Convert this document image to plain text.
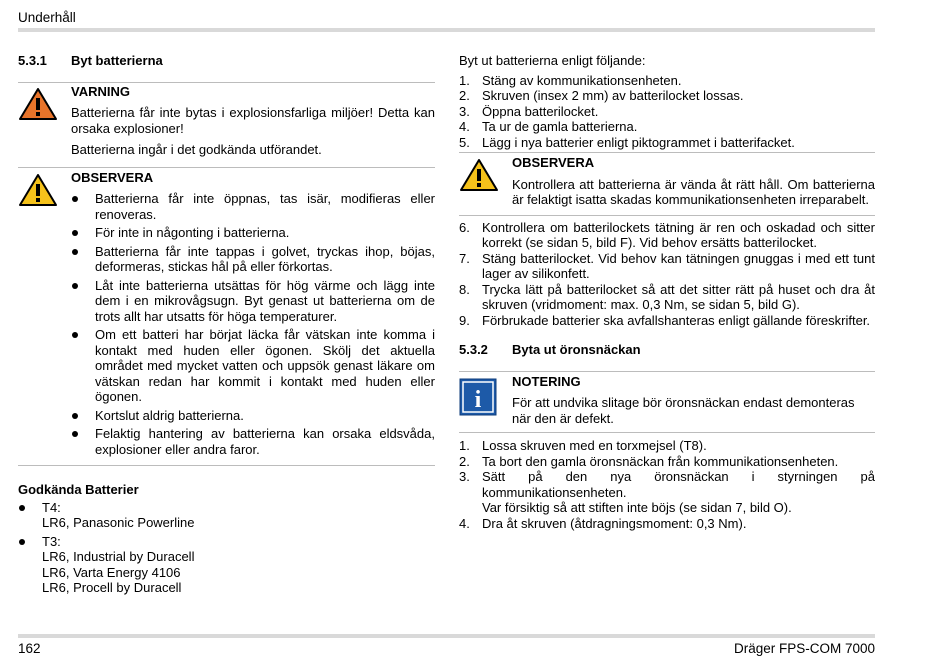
Underhåll
5.3.1 Byt batterierna
VARNING

Batterierna får inte bytas i explosionsfarliga miljöer! Detta kan orsaka explosioner!

Batterierna ingår i det godkända utförandet.

OBSERVERA
Batterierna får inte öppnas, tas isär, modifieras eller renoveras.
För inte in någonting i batterierna.
Batterierna får inte tappas i golvet, tryckas ihop, böjas, deformeras, stickas hål på eller förkortas.
Låt inte batterierna utsättas för hög värme och lägg inte dem i en mikrovågsugn. Byt genast ut batterierna om de trots allt har utsatts för höga temperaturer.
Om ett batteri har börjat läcka får vätskan inte komma i kontakt med huden eller ögonen. Skölj det aktuella området med mycket vatten och uppsök genast läkare om vätskan redan har kommit i kontakt med huden eller ögonen.
Kortslut aldrig batterierna.
Felaktig hantering av batterierna kan orsaka eldsvåda, explosioner eller andra faror.
Godkända Batterier
T4:
LR6, Panasonic Powerline
T3:
LR6, Industrial by Duracell
LR6, Varta Energy 4106
LR6, Procell by Duracell
Byt ut batterierna enligt följande:
1. Stäng av kommunikationsenheten.
2. Skruven (insex 2 mm) av batterilocket lossas.
3. Öppna batterilocket.
4. Ta ur de gamla batterierna.
5. Lägg i nya batterier enligt piktogrammet i batterifacket.
OBSERVERA

Kontrollera att batterierna är vända åt rätt håll. Om batterierna är felaktigt isatta skadas kommunikationsenheten irreparabelt.

6. Kontrollera om batterilockets tätning är ren och oskadad och sitter korrekt (se sidan 5, bild F). Vid behov ersätts batterilocket.
7. Stäng batterilocket. Vid behov kan tätningen gnuggas i med ett tunt lager av silikonfett.
8. Trycka lätt på batterilocket så att det sitter rätt på huset och dra åt skruven (vridmoment: max. 0,3 Nm, se sidan 5, bild G).
9. Förbrukade batterier ska avfallshanteras enligt gällande föreskrifter.
5.3.2 Byta ut öronsnäckan
i
NOTERING

För att undvika slitage bör öronsnäckan endast demonteras när den är defekt.

1. Lossa skruven med en torxmejsel (T8).
2. Ta bort den gamla öronsnäckan från kommunikationsenheten.
3. Sätt på den nya öronsnäckan i styrningen på kommunikationsenheten.
Var försiktig så att stiften inte böjs (se sidan 7, bild O).
4. Dra åt skruven (åtdragningsmoment: 0,3 Nm).
162	Dräger FPS-COM 7000
